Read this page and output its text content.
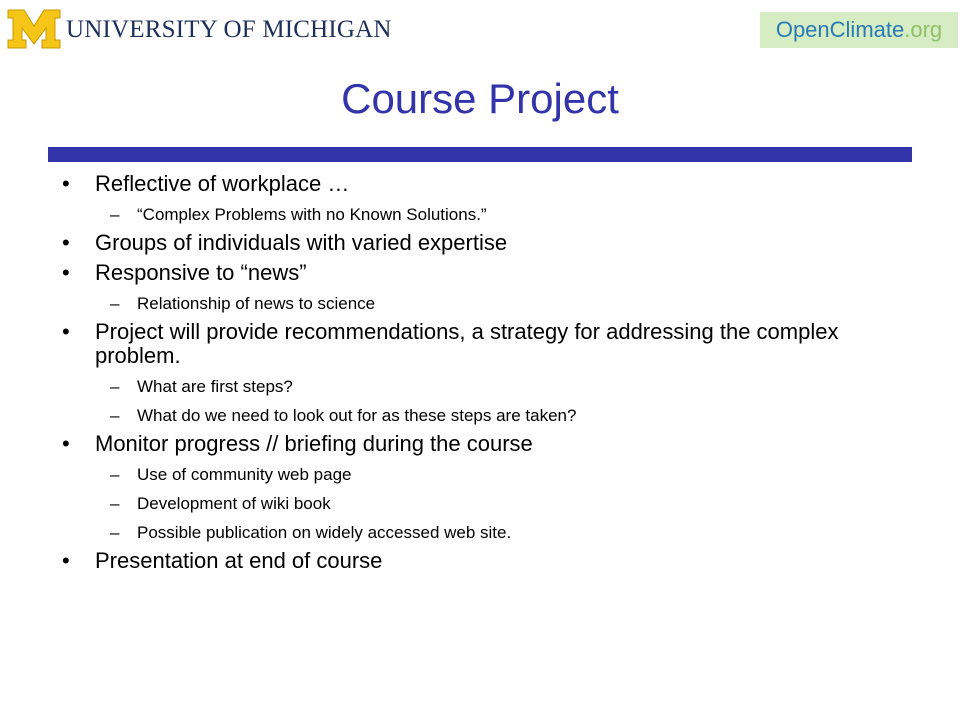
UNIVERSITY OF MICHIGAN	Open Climate .org
Course Project
• Reflective of workplace …
– “Complex Problems with no Known Solutions.”
• Groups of individuals with varied expertise
• Responsive to “news”
– Relationship of news to science
• Project will provide recommendations, a strategy for addressing the complex problem.
– What are first steps?
– What do we need to look out for as these steps are taken?
• Monitor progress // briefing during the course
– Use of community web page
– Development of wiki book
– Possible publication on widely accessed web site.
• Presentation at end of course
